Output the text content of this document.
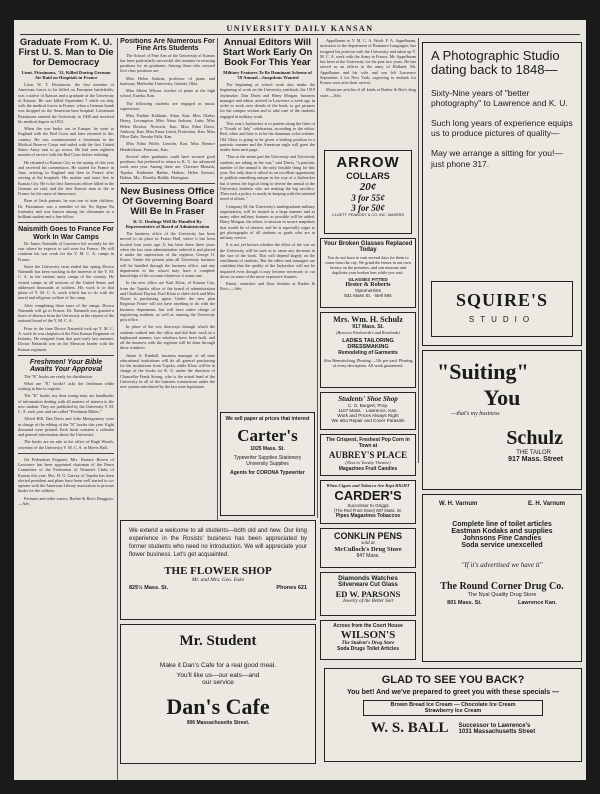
UNIVERSITY DAILY KANSAN
Graduate From K. U. First U. S. Man to Die for Democracy
Lieut. Fitzsimons, '12, Killed During German Air Raid on Hospitals in France

Lieut. W. T. Fitzsimons, the first member of American forces to be killed on European battlefields, was a native of Kansas and a graduate of the University of Kansas. He was killed September 7 while on duty with the medical forces in France, when a German bomb was dropped on the American base hospital. Lieutenant Fitzsimons entered the University in 1908 and received his medical degree in 1912.

When the war broke out in Europe, he went to England with the Red Cross and later returned to this country. He was commissioned a lieutenant in the Medical Reserve Corps and sailed with the first United States Army unit to go across. He had seen eighteen months of service with the Red Cross before enlisting.

He returned to Kansas City in the spring of this year and received his commission. He started for France in June, arriving in England and then in France after serving at the hospitals. His mother and sister live in Kansas City. He is the first American officer killed in the German air raid, and the first Kansas man to die in France for the cause of democracy.

Born of Irish parents, he was one of nine children. Dr. Fitzsimons was a member of the Nu Sigma Nu fraternity and was known among his classmates as a brilliant student and a fine fellow.

Naismith Goes to France For Work In War Camps

Dr. James Naismith of Lawrence left recently for the east where he expects to sail soon for France. He will continue his war work for the Y. M. C. A. camps in France.

Since the University term ended last spring Doctor Naismith has been working in the interests of the Y. M. C. A. in the various army camps of the country. He visited camps in all sections of the United States and addressed thousands of soldiers. His work is in that phase of Y. M. C. A. work which has to do with the moral and religious welfare of the camp.

After completing these tours of the camps, Doctor Naismith will go to France. Dr. Naismith was granted a leave of absence from the University at the request of the national board of the Y. M. C. A.

Prior to the time Doctor Naismith took up Y. M. C. A. work he was chaplain of the First Kansas Regiment of Infantry. He resigned from that post early last summer. Doctor Naismith was on the Mexican border with the Kansas regiment.

Freshmen! Your Bible Awaits Your Approval

The "K" books are ready for distribution.

What are "K" books? asks the freshman while waiting in line to register.

The "K" books, my dear young man, are handbooks of information dealing with all matters of interest to the new student. They are published by the University Y. M. C. A. each year and are called "Freshman Bibles."

Alfred Hill, Dan Davis and John Montgomery were in charge of the editing of the "K" books this year. Eight thousand were printed. Each book contains a calendar and general information about the University.

The books are on sale at the office of Rugh Woods, secretary of the University Y. M. C. A. in Myers Hall.

On Federation Program: Mrs. Eustace Brown of Lawrence has been appointed chairman of the Peace Committee of the Federation of Women's Clubs of Kansas this year. Mrs. H. G. Garvey of Topeka has been elected president and plans have been well started to co-operate with the American Library association to procure books for the soldiers.

Perfume and toilet waters, Barber & Bos's Druggists.—Adv.

Positions Are Numerous For Fine Arts Students

The School of Fine Arts of the University of Kansas has been particularly successful this summer in securing positions for its graduates. Among those who secured first class positions are:

Miss Helen Jenkins, professor of piano and harmony, Methodist University, Guthrie, Okla.

Miss Alleen Wilson, teacher of piano at the high school, Eureka, Kan.

The following students are engaged as music supervisors:

Miss Pauline Kirkham, Alma, Kan. Miss Gladys Henry, Lecompton. Miss Alma Jackson, Latin. Miss Helen Bowlus, Norwich, Kan. Miss Edna Davis, Anthony, Kan. Miss Erma Leach, Protection, Kan. Miss Olive Dale, Neosho Falls, Kan.

Miss Edna Wolfe, Lincoln, Kan. Miss Bernice Hendrickson, Formoso, Kan.

Several other graduates could have secured good positions, but preferred to return to K. U. for advanced work next year. Among these are: Clarence Monash, Topeka; Katherine Barber, Halton; Helen Stewart, Dalton, Mo.; Dorothy Riddle, Horington.

New Business Office Of Governing Board Will Be In Fraser
K. U. Dealings Will Be Handled By Representative of Board of Administration

The business office of the University has been moved to its place in Fraser Hall, where it has been located four years ago. It has been there three years when the last state administration ordered it and placed it under the supervision of the registrar, George O. Foster. Under the present plan all University business will be handled through the business office, and any department in the school may have a complete knowledge of the account whenever it wants one.

In the new office are Karl Klotz, of Kansas City, from the Topeka office of the board of administration and Charlotte Dayton. Karl Klotz is chief clerk and Miss Nixon is purchasing agent. Under the new plan Registrar Foster will not have anything to do with the business department, but will have entire charge of registering students, as well as running the University post office.

In place of the two doorways through which the students walked into the office and did their work in a haphazard manner, two windows have been built, and all the business with the registrar will be done through these windows.

James A. Kimball, business manager of all state educational institutions will do all general purchasing for the institutions from Topeka, while Klotz will be in charge of the books for K. U. under the direction of Chancellor Frank Strong, who is the actual head of the University in all of the business transactions under the new system introduced by the last state legislature.

Annual Editors Will Start Work Early On Book For This Year
Military Features To Be Dominant Scheme of '18 Annual—Snapshots Wanted

The beginning of school work also marks the beginning of work on the University yearbook, the 1919 Jayhawker. Dan Davis and Harry Morgan, business manager and editor, arrived in Lawrence a week ago in order to work over details of the book, to get pictures for the campus section and to take care of the students engaged in military work.

This year's Jayhawker is to pattern along the lines of a "Fourth of July" celebration, according to the editor. Red, white and blue is to be the dominant color scheme. Old Glory is going to be given a leading position in a patriotic manner and the American eagle will greet the reader from each page.

"Due to the entire part the University and University students are taking in the war," said Davis, "a patriotic number of the annual is the only feasible thing for this year. Not only does it afford us an excellent opportunity to publish something unique in the way of a Jayhawker but it seems the logical thing to devote the annual to the University students who are making the big sacrifice. Then such a policy is surely in keeping with the national trend of affairs."

Company M, the University's undergraduate military organization, will be treated in a large manner and as many other military features as possible will be added. Harry Morgan, the editor, is anxious to secure snapshots that would be of interest, and he is especially eager to get photographs of all students or grads who are in military service.

It is not yet known whether the effect of the war on the University will be such as to cause any decrease in the size of the book. This will depend largely on the enrollment of students. But the editor and managers are confident that the quality of the Jayhawker will not be impaired even though it may become necessary to cut down on some of the more expensive features.

Paints, varnishes and floor finishes at Barber & Bos's.—Adv.

We sell paper at prices that interest
Carter's
1025 Mass. St.
Typewriter Supplies Stationery University Supplies
Agents for CORONA Typewriter

Appelbaum to Y. M. C. A. Work: F. A. Appelbaum, instructor in the department of Romance Languages, has resigned his position with the University and taken up Y. M. C. A. work with the Army in France. Mr. Appelbaum has been at the University for the past two years. He has served as an officer in the army of Holland. Mr. Appelbaum and his wife and son left Lawrence September 4 for New York, expecting to embark for France soon after their arrival.

Manicure articles of all kinds at Barber & Bos's drug store.—Adv.

ARROW
COLLARS
20¢
3 for 55¢
3 for 50¢
CLUETT, PEABODY & CO. INC. MAKERS
Your Broken Glasses Replaced Today
You do not have to wait several days for them to come from the city. We grind the lenses in our own factory on the premises, and can measure and duplicate your broken lens while you wait.
GLASSES FITTED
Hester & Roberts
Optometrists
831 Mass St. · Bell 594
Mrs. Wm. H. Schulz
917 Mass. St.
(Between Woolworth's and Rowlands)
LADIES TAILORING DRESSMAKING
Remodeling of Garments
Also Hemstitching, Pleating —10c per yard. Pleating of every description. All work guaranteed.
Students' Shoe Shop
C. O. Burgert, Prop.
1107 Mass. · Lawrence, Kan.
Work and Prices Always Right
We also Repair and Cover Parasols
The Crispest, Freshest Pop Corn in Town at
AUBREY'S PLACE
(Next to Varsity Theatre)
Magazines Fruit Candies
When Cigars and Tobacco Are Kept RIGHT
CARDER'S
Successor to Griggs
(The Red Front Store) 807 Mass. St.
Pipes Magazines Tobaccos
CONKLIN PENS
sold at
McCulloch's Drug Store
847 Mass.
Diamonds Watches
Silverware Cut Glass
ED W. PARSONS
Jewelry of the Better Sort
Across from the Court House
WILSON'S
The Student's Drug Store
Soda Drugs Toilet Articles
A Photographic Studio dating back to 1848—
Sixty-Nine years of "better photography" to Lawrence and K. U.
Such long years of experience equips us to produce pictures of quality—
May we arrange a sitting for you!—just phone 317.
SQUIRE'S
STUDIO
"Suiting"
You
—that's my business
Schulz
THE TAILOR
917 Mass. Street
W. H. Varnum	E. H. Varnum
Complete line of toilet articles
Eastman Kodaks and supplies
Johnsons Fine Candies
Soda service unexcelled
"If it's advertised we have it"
The Round Corner Drug Co.
The Nyal Quality Drug Store
801 Mass. St.	Lawrence Kan.
We extend a welcome to all students—both old and new. Our long experience in the Rosists' business has been appreciated by former students who need no introduction. We will appreciate your flower business. Let's get acquainted.
THE FLOWER SHOP
Mr. and Mrs. Geo. Eske
825½ Mass. St.	Phones 621
Mr. Student
Make it Dan's Cafe for a real good meal.
You'll like us—our eats—and
our service
Dan's Cafe
906 Massachusetts Street.
GLAD TO SEE YOU BACK?
You bet! And we've prepared to greet you with these specials —
Brown Bread Ice Cream — Chocolate Ice Cream
Strawberry Ice Cream
W. S. BALL Successor to Lawrence's
1031 Massachusetts Street
